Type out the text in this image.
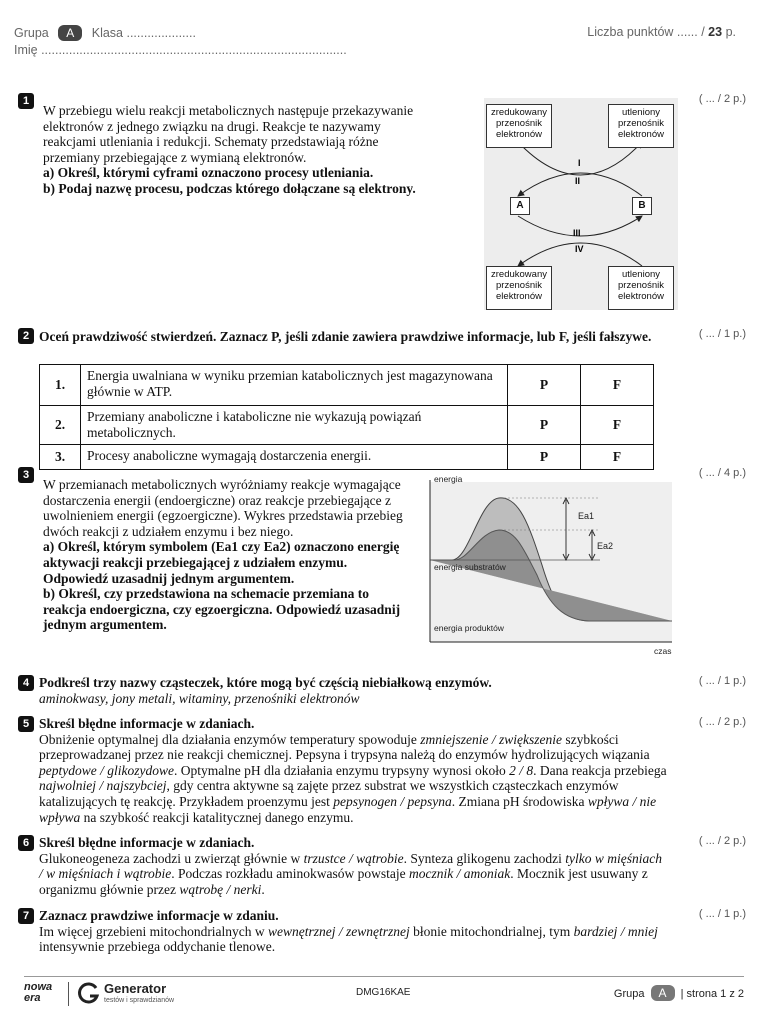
Grupa A Klasa ....................	Liczba punktów ...... / 23 p.
Imię ........................................................................................
1	( ... / 2 p.)
W przebiegu wielu reakcji metabolicznych następuje przekazywanie elektronów z jednego związku na drugi. Reakcje te nazywamy reakcjami utleniania i redukcji. Schematy przedstawiają różne przemiany przebiegające z wymianą elektronów.
a) Określ, którymi cyframi oznaczono procesy utleniania.
b) Podaj nazwę procesu, podczas którego dołączane są elektrony.
I
II
III
IV
zredukowany przenośnik elektronów
utleniony przenośnik elektronów
A	B
zredukowany przenośnik elektronów
utleniony przenośnik elektronów
2	( ... / 1 p.)
Oceń prawdziwość stwierdzeń. Zaznacz P, jeśli zdanie zawiera prawdziwe informacje, lub F, jeśli fałszywe.
1.	Energia uwalniana w wyniku przemian katabolicznych jest magazynowana głównie w ATP.	P	F
2.	Przemiany anaboliczne i kataboliczne nie wykazują powiązań metabolicznych.	P	F
3.	Procesy anaboliczne wymagają dostarczenia energii.	P	F
3	( ... / 4 p.)
W przemianach metabolicznych wyróżniamy reakcje wymagające dostarczenia energii (endoergiczne) oraz reakcje przebiegające z uwolnieniem energii (egzoergiczne). Wykres przedstawia przebieg dwóch reakcji z udziałem enzymu i bez niego.
a) Określ, którym symbolem (Ea1 czy Ea2) oznaczono energię aktywacji reakcji przebiegającej z udziałem enzymu. Odpowiedź uzasadnij jednym argumentem.
b) Określ, czy przedstawiona na schemacie przemiana to reakcja endoergiczna, czy egzoergiczna. Odpowiedź uzasadnij jednym argumentem.
energia
czas
Ea1
Ea2
energia substratów
energia produktów
4	( ... / 1 p.)
Podkreśl trzy nazwy cząsteczek, które mogą być częścią niebiałkową enzymów.
aminokwasy, jony metali, witaminy, przenośniki elektronów
5	( ... / 2 p.)
Skreśl błędne informacje w zdaniach.
Obniżenie optymalnej dla działania enzymów temperatury spowoduje zmniejszenie / zwiększenie szybkości przeprowadzanej przez nie reakcji chemicznej. Pepsyna i trypsyna należą do enzymów hydrolizujących wiązania peptydowe / glikozydowe. Optymalne pH dla działania enzymu trypsyny wynosi około 2 / 8. Dana reakcja przebiega najwolniej / najszybciej, gdy centra aktywne są zajęte przez substrat we wszystkich cząsteczkach enzymów katalizujących tę reakcję. Przykładem proenzymu jest pepsynogen / pepsyna. Zmiana pH środowiska wpływa / nie wpływa na szybkość reakcji katalitycznej danego enzymu.
6	( ... / 2 p.)
Skreśl błędne informacje w zdaniach.
Glukoneogeneza zachodzi u zwierząt głównie w trzustce / wątrobie. Synteza glikogenu zachodzi tylko w mięśniach / w mięśniach i wątrobie. Podczas rozkładu aminokwasów powstaje mocznik / amoniak. Mocznik jest usuwany z organizmu głównie przez wątrobę / nerki.
7	( ... / 1 p.)
Zaznacz prawdziwe informacje w zdaniu.
Im więcej grzebieni mitochondrialnych w wewnętrznej / zewnętrznej błonie mitochondrialnej, tym bardziej / mniej intensywnie przebiega oddychanie tlenowe.
nowa
era
Generator
testów i sprawdzianów
DMG16KAE	Grupa A | strona 1 z 2
